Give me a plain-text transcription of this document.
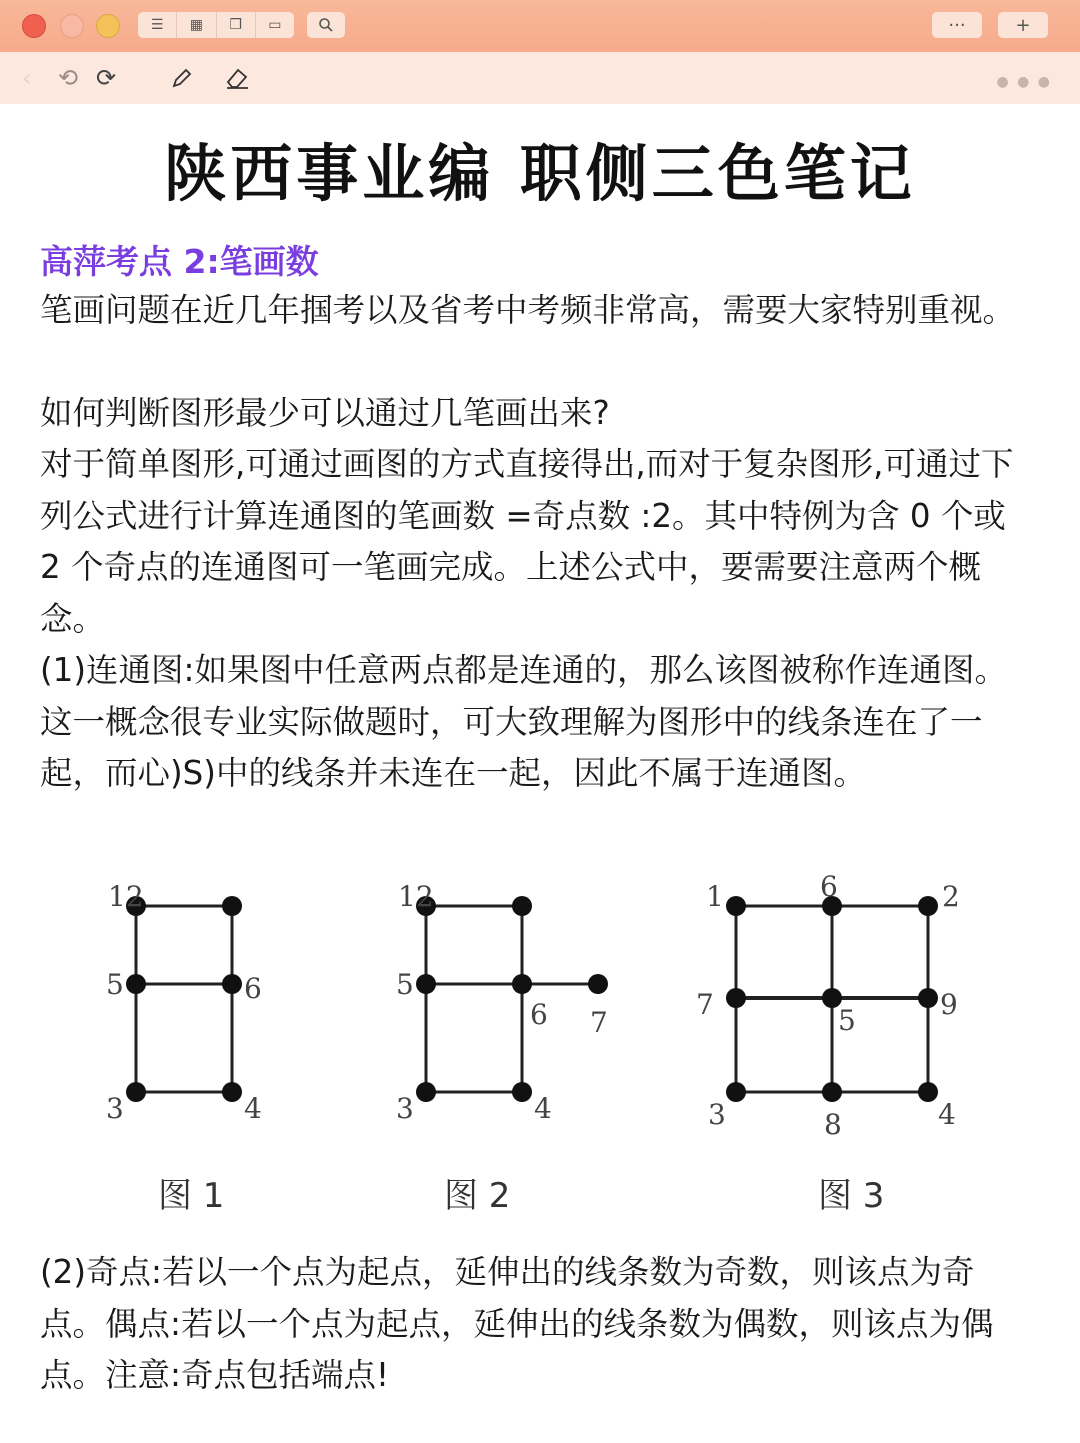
☰	▦	❒	▭	···	+
‹ ⟲ ⟳	● ● ●
陕西事业编 职侧三色笔记

高萍考点 2:笔画数

笔画问题在近几年掴考以及省考中考频非常高，需要大家特别重视。

如何判断图形最少可以通过几笔画出来?

对于简单图形,可通过画图的方式直接得出,而对于复杂图形,可通过下列公式进行计算连通图的笔画数 =奇点数 :2。其中特例为含 0 个或 2 个奇点的连通图可一笔画完成。上述公式中，要需要注意两个概念。

(1)连通图:如果图中任意两点都是连通的，那么该图被称作连通图。这一概念很专业实际做题时，可大致理解为图形中的线条连在了一起，而心)S)中的线条并未连在一起，因此不属于连通图。

12
5	6
3	4
图 1
12
5
6 7
3	4
图 2
1	6	2
7	5	9
3	8	4
图 3

(2)奇点:若以一个点为起点，延伸出的线条数为奇数，则该点为奇点。偶点:若以一个点为起点，延伸出的线条数为偶数，则该点为偶点。注意:奇点包括端点!
